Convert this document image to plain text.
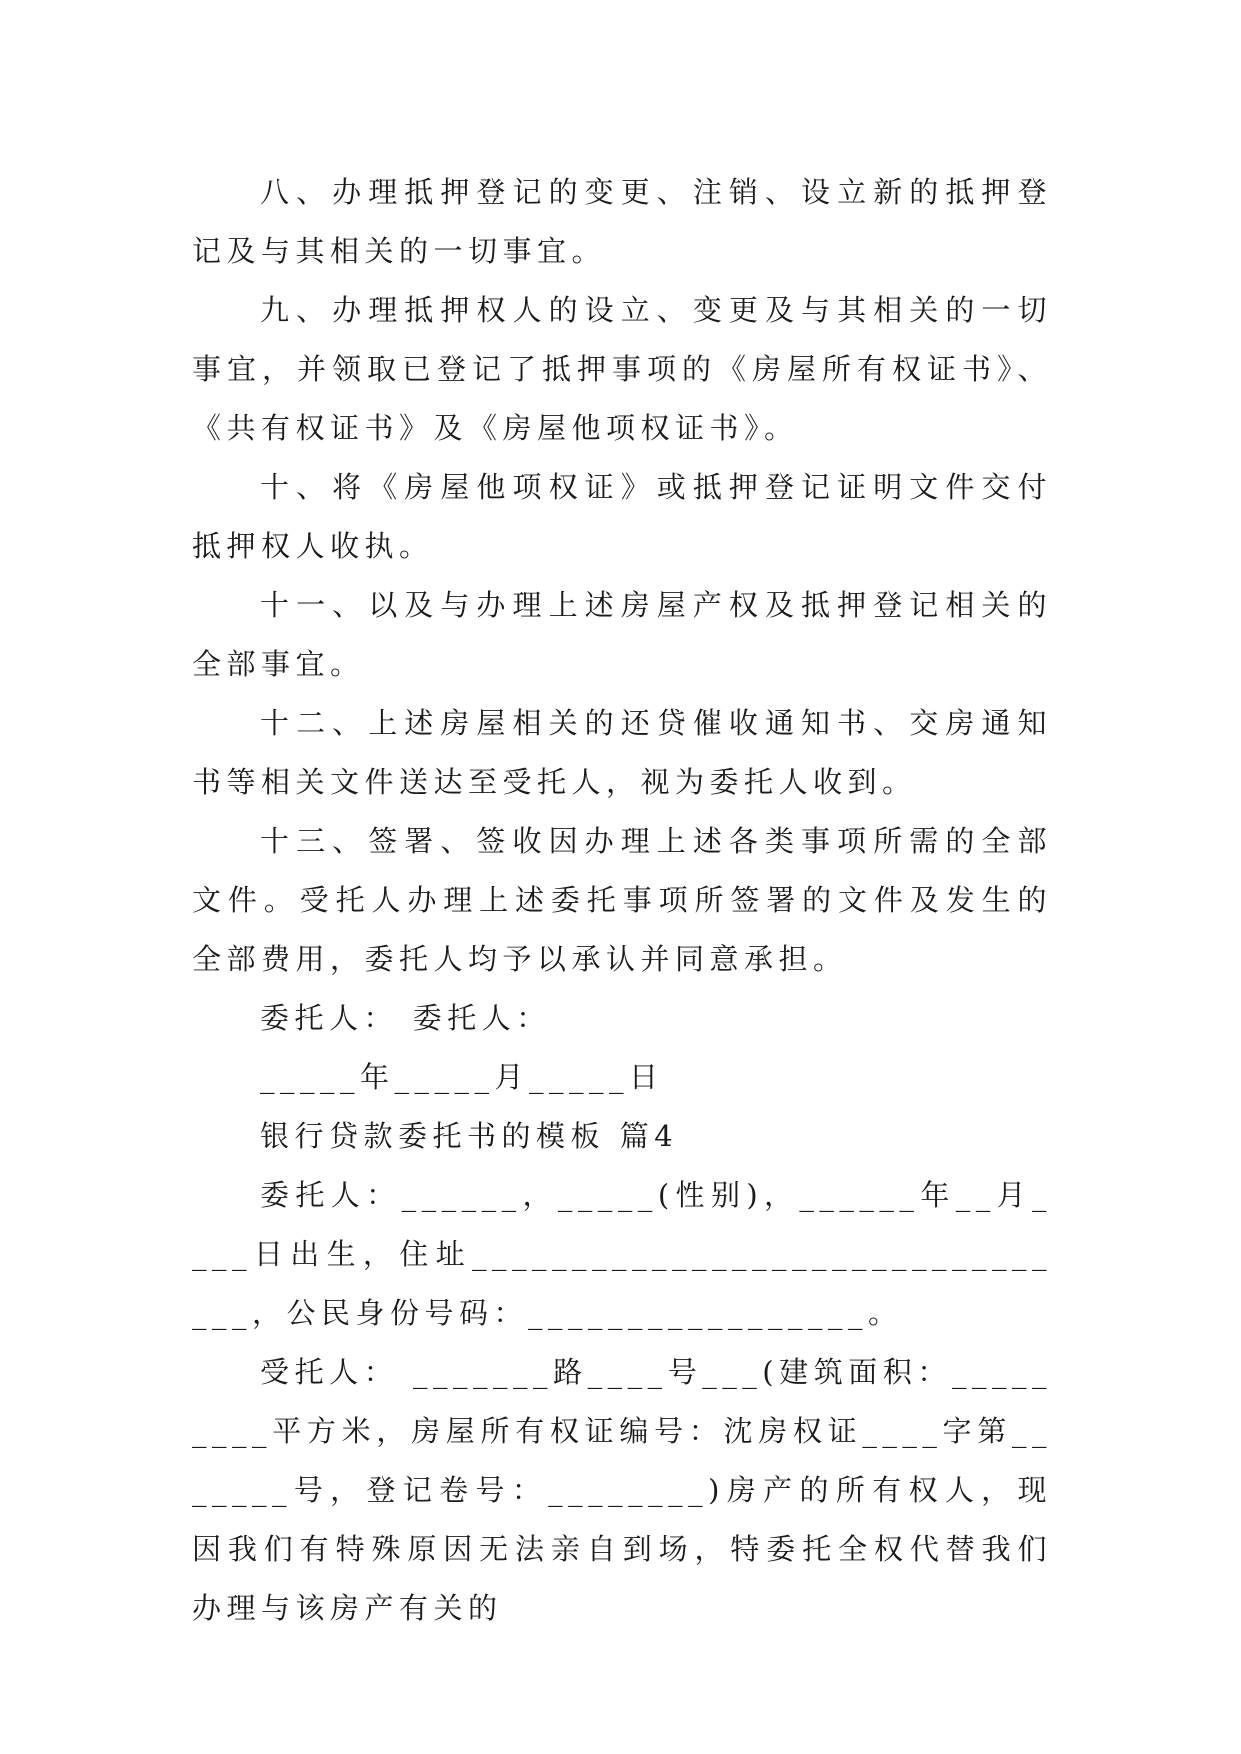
八、办理抵押登记的变更、注销、设立新的抵押登记及与其相关的一切事宜。

九、办理抵押权人的设立、变更及与其相关的一切事宜，并领取已登记了抵押事项的《房屋所有权证书》、《共有权证书》及《房屋他项权证书》。

十、将《房屋他项权证》或抵押登记证明文件交付抵押权人收执。

十一、以及与办理上述房屋产权及抵押登记相关的全部事宜。

十二、上述房屋相关的还贷催收通知书、交房通知书等相关文件送达至受托人，视为委托人收到。

十三、签署、签收因办理上述各类事项所需的全部文件。受托人办理上述委托事项所签署的文件及发生的全部费用，委托人均予以承认并同意承担。

委托人： 委托人：

_____年_____月_____日

银行贷款委托书的模板 篇4

委托人：______，_____(性别)，______年__月____日出生，住址________________________________，公民身份号码：_________________。

受托人： _______路____号___(建筑面积：_________平方米，房屋所有权证编号：沈房权证____字第_______号，登记卷号：________)房产的所有权人，现因我们有特殊原因无法亲自到场，特委托全权代替我们办理与该房产有关的
